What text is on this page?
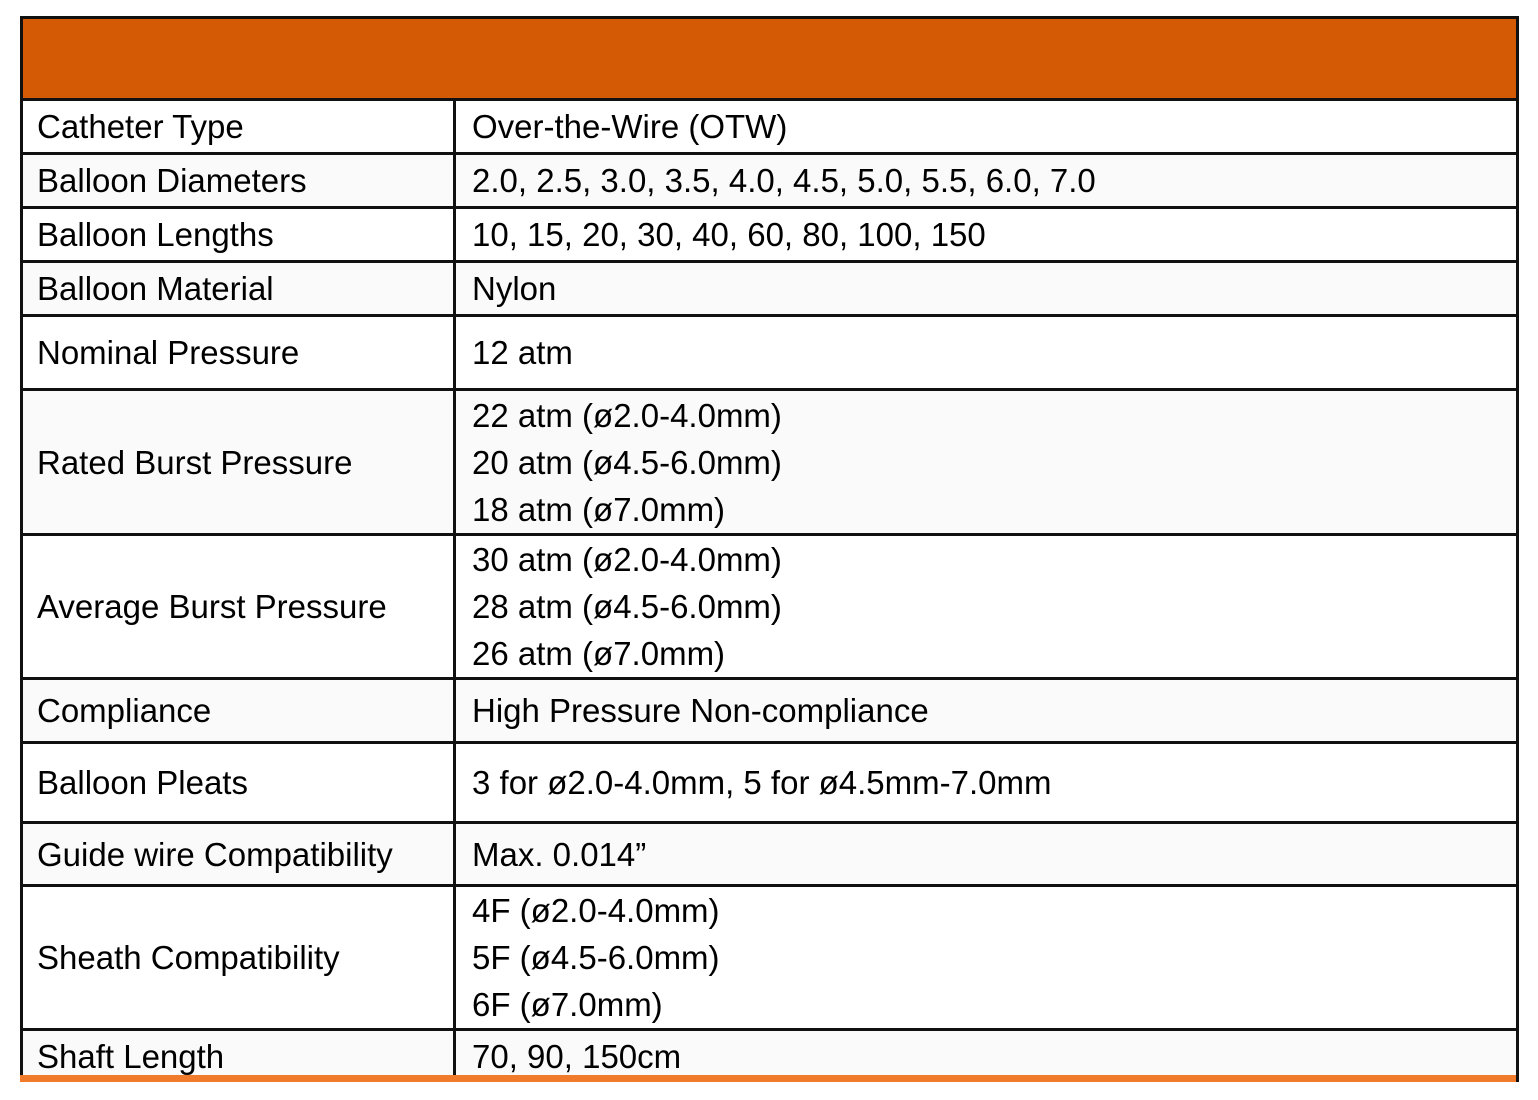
Catheter Type	Over-the-Wire (OTW)

Balloon Diameters	2.0, 2.5, 3.0, 3.5, 4.0, 4.5, 5.0, 5.5, 6.0, 7.0

Balloon Lengths	10, 15, 20, 30, 40, 60, 80, 100, 150

Balloon Material	Nylon

Nominal Pressure	12 atm

Rated Burst Pressure	22 atm (ø2.0-4.0mm)
20 atm (ø4.5-6.0mm)
18 atm (ø7.0mm)

Average Burst Pressure	30 atm (ø2.0-4.0mm)
28 atm (ø4.5-6.0mm)
26 atm (ø7.0mm)

Compliance	High Pressure Non-compliance

Balloon Pleats	3 for ø2.0-4.0mm, 5 for ø4.5mm-7.0mm

Guide wire Compatibility	Max. 0.014”

Sheath Compatibility	4F (ø2.0-4.0mm)
5F (ø4.5-6.0mm)
6F (ø7.0mm)

Shaft Length	70, 90, 150cm
